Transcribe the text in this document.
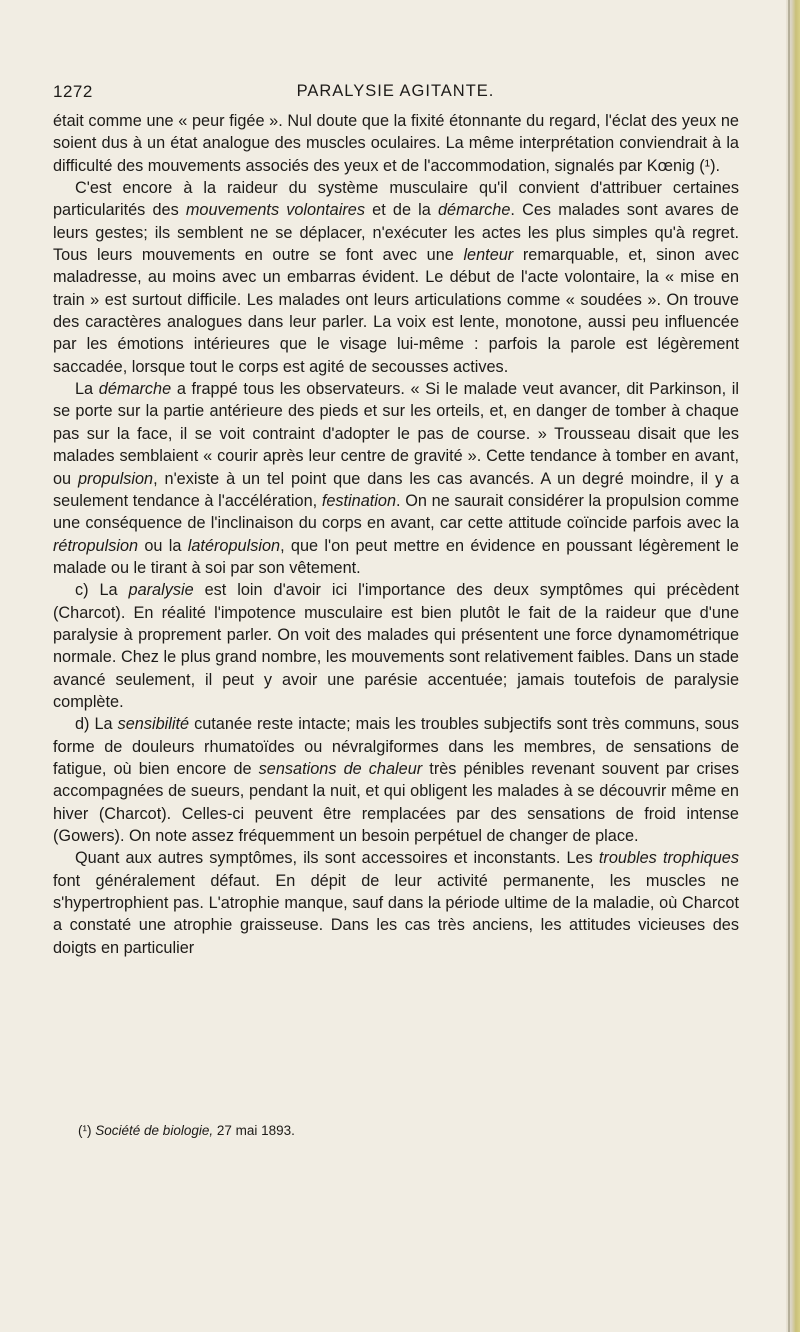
1272	PARALYSIE AGITANTE.

était comme une « peur figée ». Nul doute que la fixité étonnante du regard, l'éclat des yeux ne soient dus à un état analogue des muscles oculaires. La même interprétation conviendrait à la difficulté des mouvements associés des yeux et de l'accommodation, signalés par Kœnig (¹).

C'est encore à la raideur du système musculaire qu'il convient d'attribuer certaines particularités des mouvements volontaires et de la démarche. Ces malades sont avares de leurs gestes; ils semblent ne se déplacer, n'exécuter les actes les plus simples qu'à regret. Tous leurs mouvements en outre se font avec une lenteur remarquable, et, sinon avec maladresse, au moins avec un embarras évident. Le début de l'acte volontaire, la « mise en train » est surtout difficile. Les malades ont leurs articulations comme « soudées ». On trouve des caractères analogues dans leur parler. La voix est lente, monotone, aussi peu influencée par les émotions intérieures que le visage lui-même : parfois la parole est légèrement saccadée, lorsque tout le corps est agité de secousses actives.

La démarche a frappé tous les observateurs. « Si le malade veut avancer, dit Parkinson, il se porte sur la partie antérieure des pieds et sur les orteils, et, en danger de tomber à chaque pas sur la face, il se voit contraint d'adopter le pas de course. » Trousseau disait que les malades semblaient « courir après leur centre de gravité ». Cette tendance à tomber en avant, ou propulsion, n'existe à un tel point que dans les cas avancés. A un degré moindre, il y a seulement tendance à l'accélération, festination. On ne saurait considérer la propulsion comme une conséquence de l'inclinaison du corps en avant, car cette attitude coïncide parfois avec la rétropulsion ou la latéropulsion, que l'on peut mettre en évidence en poussant légèrement le malade ou le tirant à soi par son vêtement.

c) La paralysie est loin d'avoir ici l'importance des deux symptômes qui précèdent (Charcot). En réalité l'impotence musculaire est bien plutôt le fait de la raideur que d'une paralysie à proprement parler. On voit des malades qui présentent une force dynamométrique normale. Chez le plus grand nombre, les mouvements sont relativement faibles. Dans un stade avancé seulement, il peut y avoir une parésie accentuée; jamais toutefois de paralysie complète.

d) La sensibilité cutanée reste intacte; mais les troubles subjectifs sont très communs, sous forme de douleurs rhumatoïdes ou névralgiformes dans les membres, de sensations de fatigue, où bien encore de sensations de chaleur très pénibles revenant souvent par crises accompagnées de sueurs, pendant la nuit, et qui obligent les malades à se découvrir même en hiver (Charcot). Celles-ci peuvent être remplacées par des sensations de froid intense (Gowers). On note assez fréquemment un besoin perpétuel de changer de place.

Quant aux autres symptômes, ils sont accessoires et inconstants. Les troubles trophiques font généralement défaut. En dépit de leur activité permanente, les muscles ne s'hypertrophient pas. L'atrophie manque, sauf dans la période ultime de la maladie, où Charcot a constaté une atrophie graisseuse. Dans les cas très anciens, les attitudes vicieuses des doigts en particulier

(¹) Société de biologie, 27 mai 1893.
